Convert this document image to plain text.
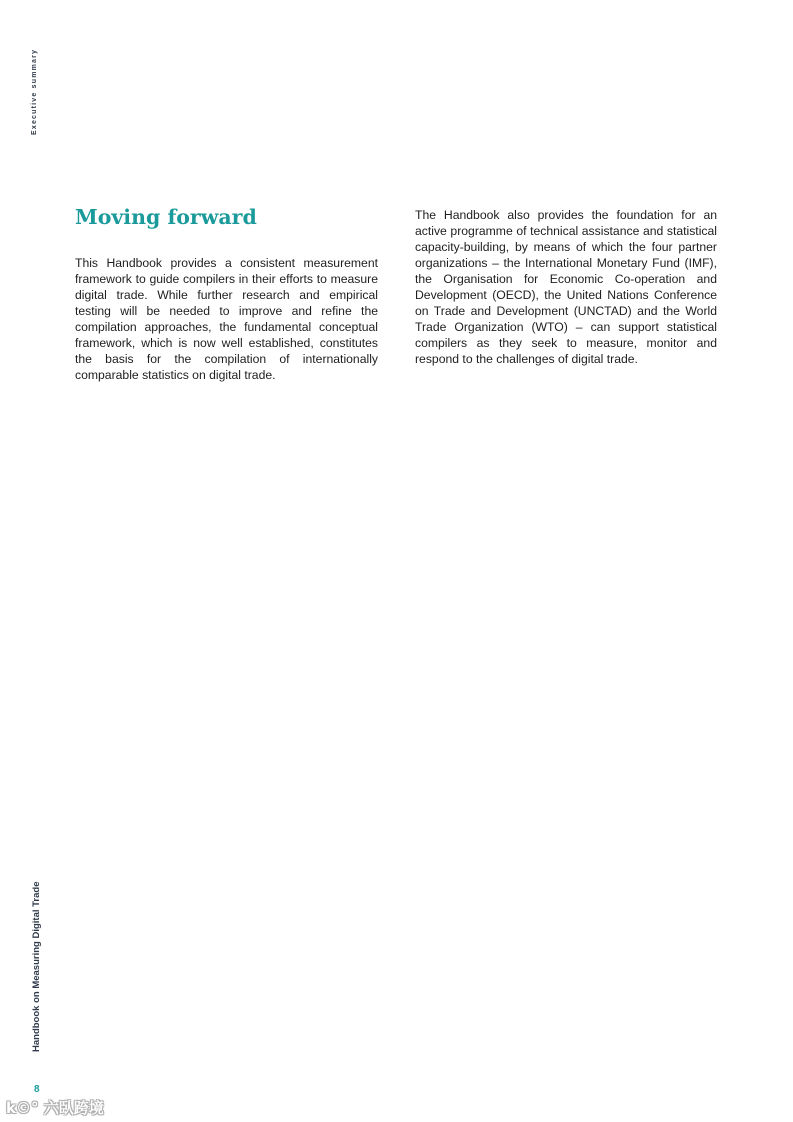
Executive summary
Handbook on Measuring Digital Trade
8
Moving forward

This Handbook provides a consistent measurement framework to guide compilers in their efforts to measure digital trade. While further research and empirical testing will be needed to improve and refine the compilation approaches, the fundamental conceptual framework, which is now well established, constitutes the basis for the compilation of internationally comparable statistics on digital trade.

The Handbook also provides the foundation for an active programme of technical assistance and statistical capacity-building, by means of which the four partner organizations – the International Monetary Fund (IMF), the Organisation for Economic Co-operation and Development (OECD), the United Nations Conference on Trade and Development (UNCTAD) and the World Trade Organization (WTO) – can support statistical compilers as they seek to measure, monitor and respond to the challenges of digital trade.

k©° 六臥跨境
